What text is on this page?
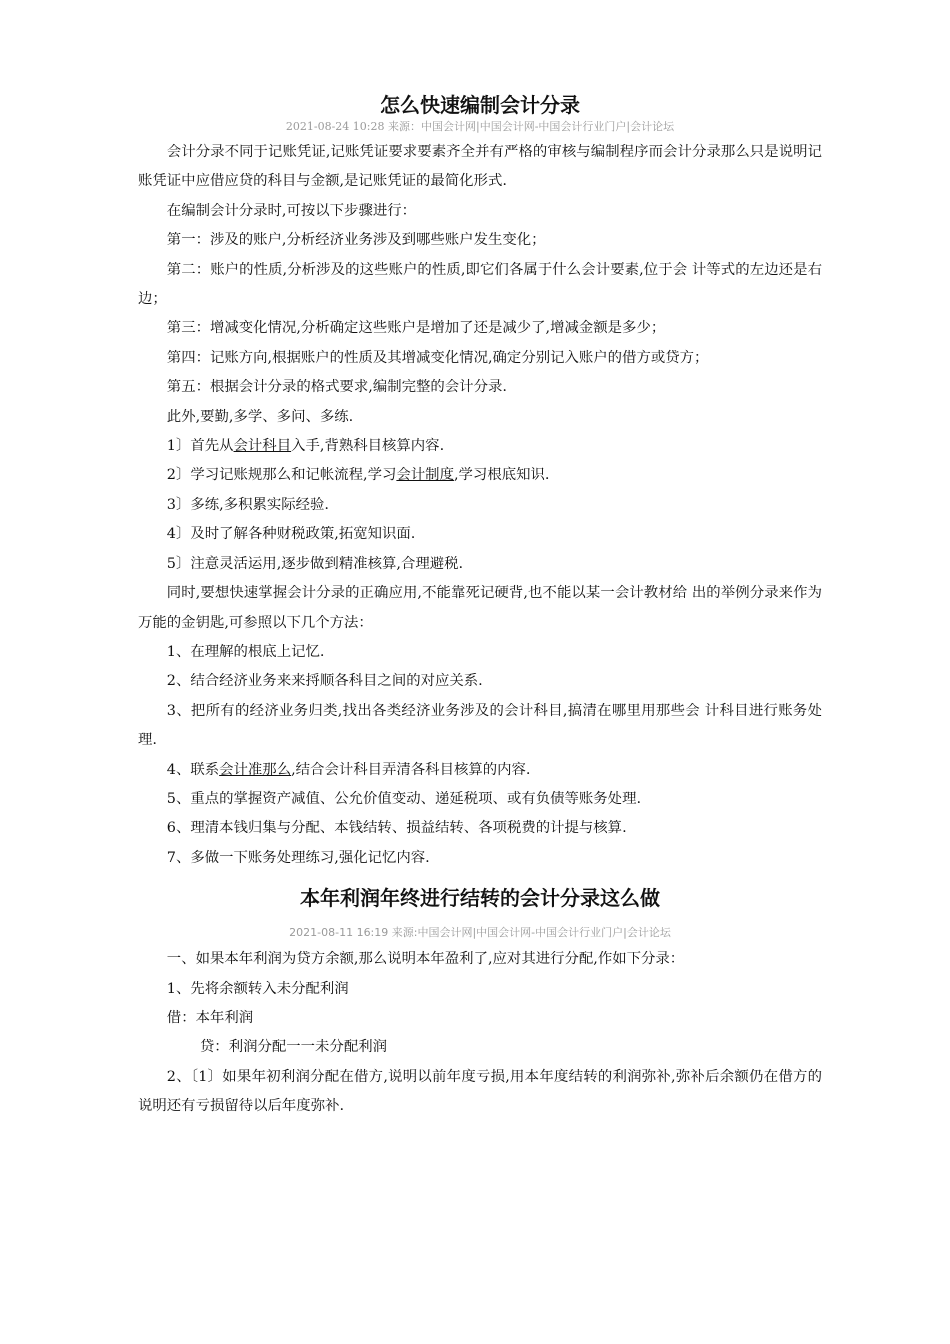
怎么快速编制会计分录
2021-08-24 10:28 来源：中国会计网|中国会计网-中国会计行业门户|会计论坛

会计分录不同于记账凭证,记账凭证要求要素齐全并有严格的审核与编制程序而会计分录那么只是说明记账凭证中应借应贷的科目与金额,是记账凭证的最简化形式.

在编制会计分录时,可按以下步骤进行：

第一：涉及的账户,分析经济业务涉及到哪些账户发生变化；

第二：账户的性质,分析涉及的这些账户的性质,即它们各属于什么会计要素,位于会 计等式的左边还是右边；

第三：增减变化情况,分析确定这些账户是增加了还是减少了,增减金额是多少；

第四：记账方向,根据账户的性质及其增减变化情况,确定分别记入账户的借方或贷方；

第五：根据会计分录的格式要求,编制完整的会计分录.

此外,要勤,多学、多问、多练.

1〕首先从会计科目入手,背熟科目核算内容.

2〕学习记账规那么和记帐流程,学习会计制度,学习根底知识.

3〕多练,多积累实际经验.

4〕及时了解各种财税政策,拓宽知识面.

5〕注意灵活运用,逐步做到精准核算,合理避税.

同时,要想快速掌握会计分录的正确应用,不能靠死记硬背,也不能以某一会计教材给 出的举例分录来作为万能的金钥匙,可参照以下几个方法：

1、在理解的根底上记忆.

2、结合经济业务来来捋顺各科目之间的对应关系.

3、把所有的经济业务归类,找出各类经济业务涉及的会计科目,搞清在哪里用那些会 计科目进行账务处理.

4、联系会计准那么,结合会计科目弄清各科目核算的内容.

5、重点的掌握资产减值、公允价值变动、递延税项、或有负债等账务处理.

6、理清本钱归集与分配、本钱结转、损益结转、各项税费的计提与核算.

7、多做一下账务处理练习,强化记忆内容.

本年利润年终进行结转的会计分录这么做
2021-08-11 16:19 来源:中国会计网|中国会计网-中国会计行业门户|会计论坛

一、如果本年利润为贷方余额,那么说明本年盈利了,应对其进行分配,作如下分录：

1、先将余额转入未分配利润

借：本年利润

贷：利润分配一一未分配利润

2、〔1〕如果年初利润分配在借方,说明以前年度亏损,用本年度结转的利润弥补,弥补后余额仍在借方的说明还有亏损留待以后年度弥补.
